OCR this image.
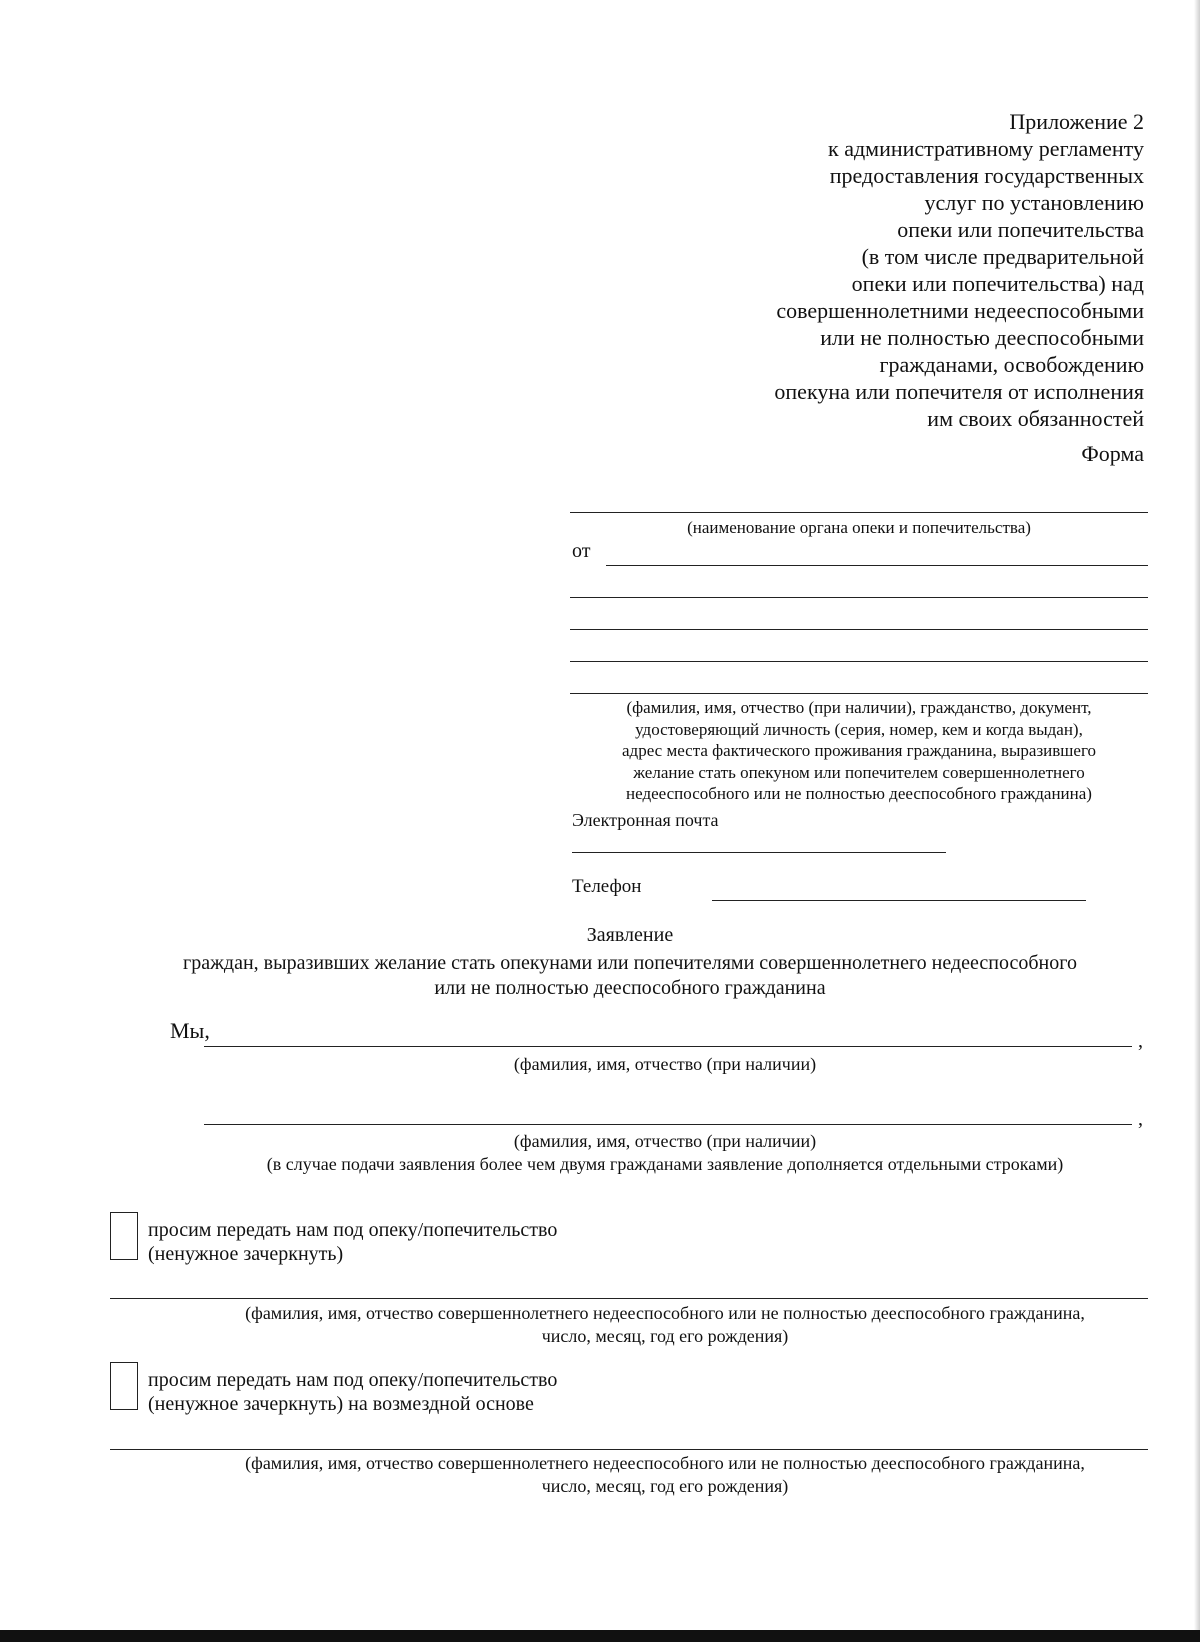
Приложение 2
к административному регламенту
предоставления государственных
услуг по установлению
опеки или попечительства
(в том числе предварительной
опеки или попечительства) над
совершеннолетними недееспособными
или не полностью дееспособными
гражданами, освобождению
опекуна или попечителя от исполнения
им своих обязанностей
Форма
(наименование органа опеки и попечительства)
от
(фамилия, имя, отчество (при наличии), гражданство, документ,
удостоверяющий личность (серия, номер, кем и когда выдан),
адрес места фактического проживания гражданина, выразившего
желание стать опекуном или попечителем совершеннолетнего
недееспособного или не полностью дееспособного гражданина)
Электронная почта
Телефон
Заявление
граждан, выразивших желание стать опекунами или попечителями совершеннолетнего недееспособного
или не полностью дееспособного гражданина
Мы,	,
(фамилия, имя, отчество (при наличии)
,
(фамилия, имя, отчество (при наличии)
(в случае подачи заявления более чем двумя гражданами заявление дополняется отдельными строками)
просим передать нам под опеку/попечительство
(ненужное зачеркнуть)
(фамилия, имя, отчество совершеннолетнего недееспособного или не полностью дееспособного гражданина,
число, месяц, год его рождения)
просим передать нам под опеку/попечительство
(ненужное зачеркнуть) на возмездной основе
(фамилия, имя, отчество совершеннолетнего недееспособного или не полностью дееспособного гражданина,
число, месяц, год его рождения)
